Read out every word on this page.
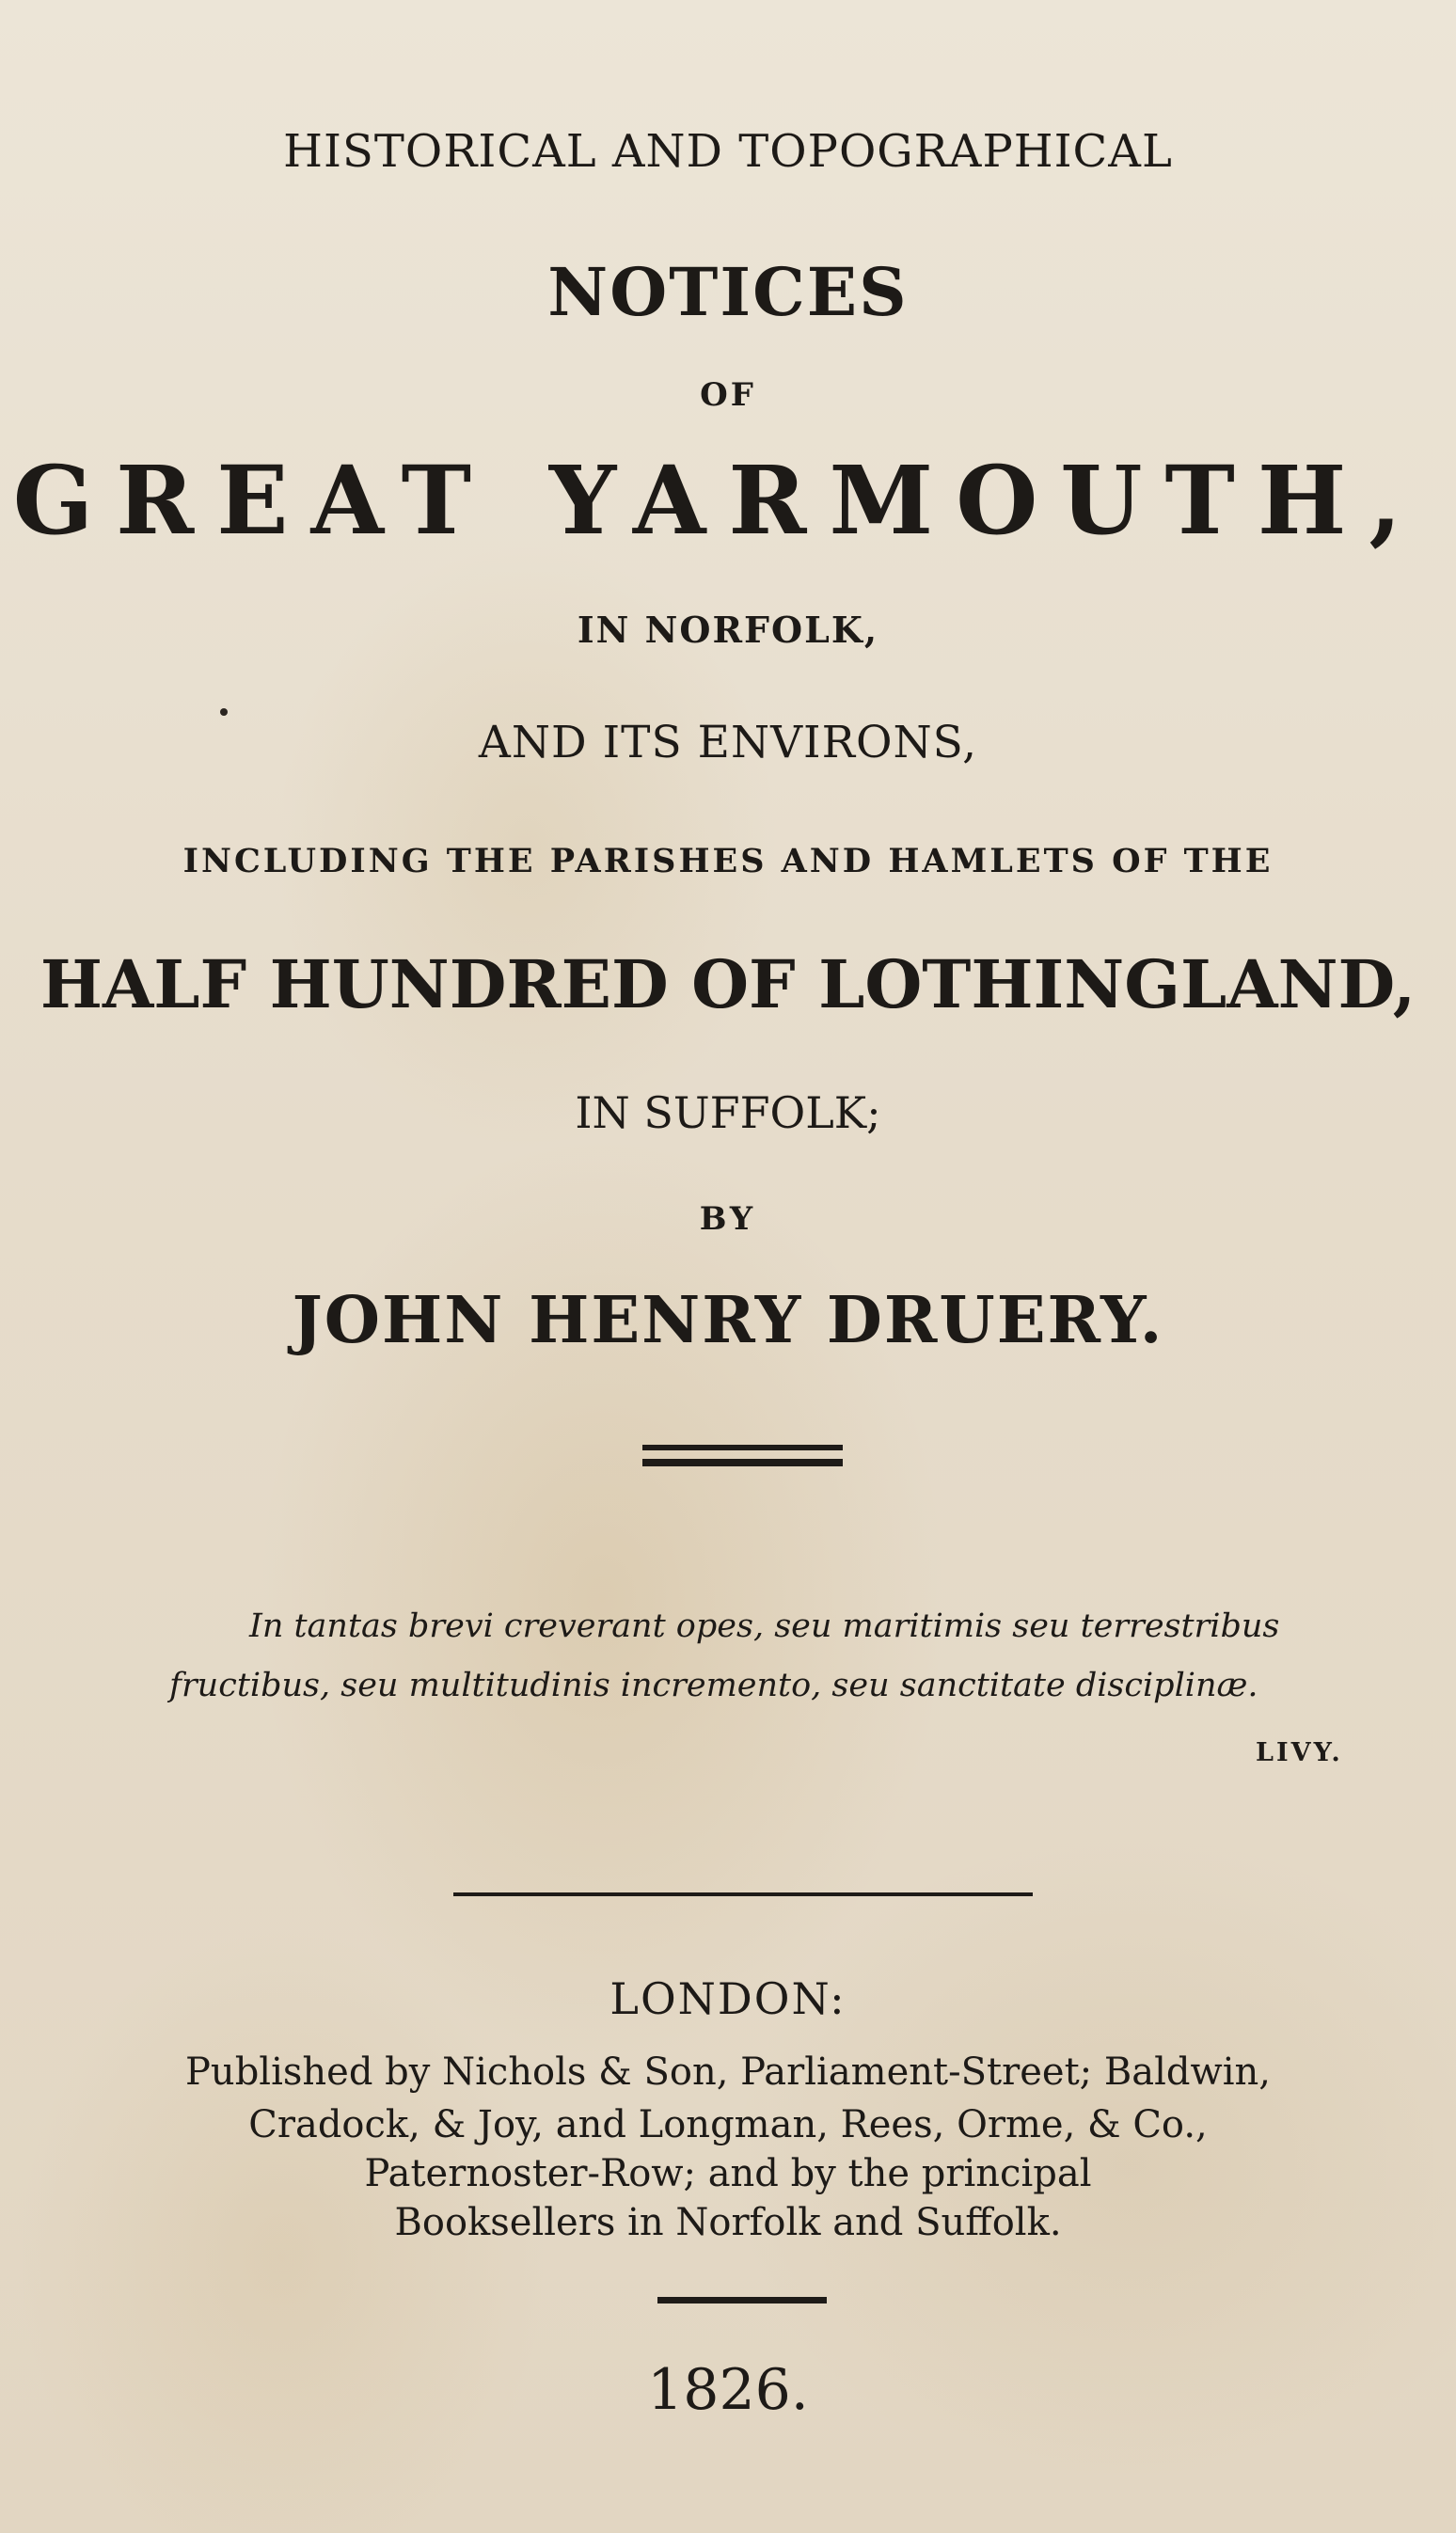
HISTORICAL AND TOPOGRAPHICAL
NOTICES
OF
GREAT YARMOUTH,
IN NORFOLK,
AND ITS ENVIRONS,
INCLUDING THE PARISHES AND HAMLETS OF THE
HALF HUNDRED OF LOTHINGLAND,
IN SUFFOLK;
BY
JOHN HENRY DRUERY.
In tantas brevi creverant opes, seu maritimis seu terrestribus
fructibus, seu multitudinis incremento, seu sanctitate disciplinæ.
LIVY.
LONDON:
Published by Nichols & Son, Parliament-Street; Baldwin,
Cradock, & Joy, and Longman, Rees, Orme, & Co.,
Paternoster-Row; and by the principal
Booksellers in Norfolk and Suffolk.
1826.
